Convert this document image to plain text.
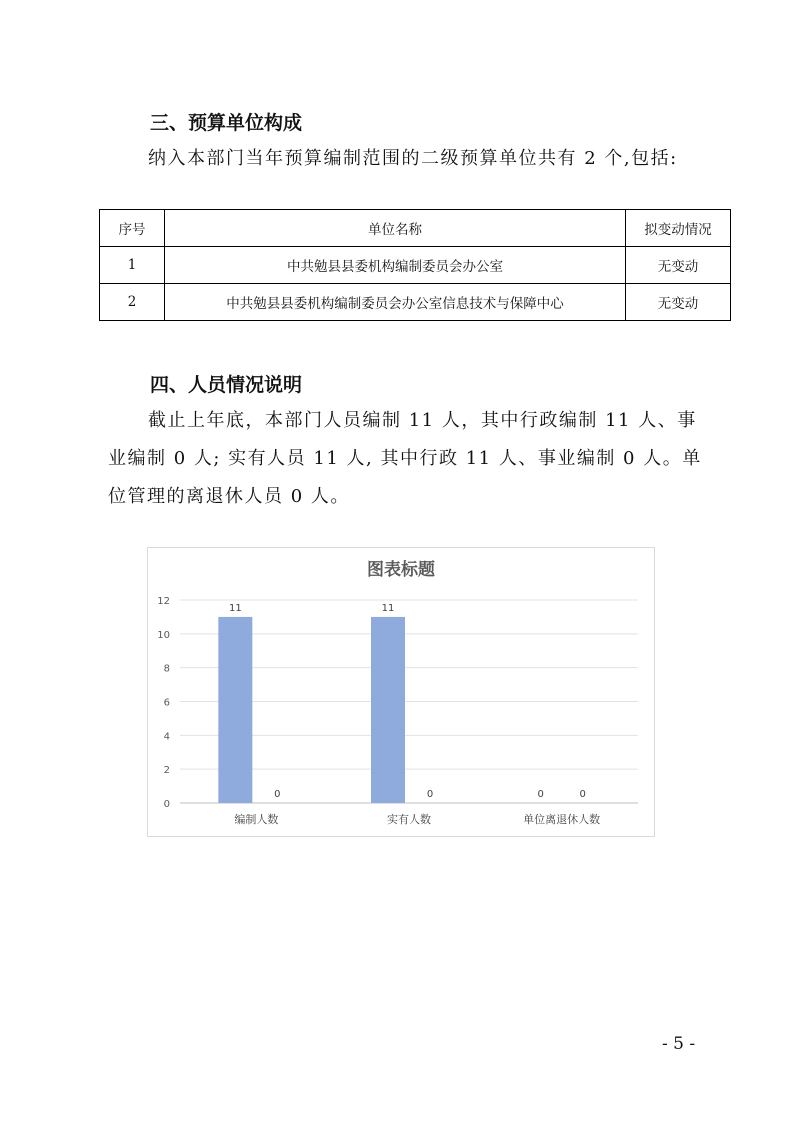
三、预算单位构成

纳入本部门当年预算编制范围的二级预算单位共有 2 个,包括:

序号	单位名称	拟变动情况
1	中共勉县县委机构编制委员会办公室	无变动
2	中共勉县县委机构编制委员会办公室信息技术与保障中心	无变动
四、人员情况说明

截止上年底，本部门人员编制 11 人，其中行政编制 11 人、事业编制 0 人; 实有人员 11 人, 其中行政 11 人、事业编制 0 人。单位管理的离退休人员 0 人。

图表标题
0
2
4
6
8
10
12
11
0
编制人数
11
0
实有人数
0	0
单位离退休人数
- 5 -
